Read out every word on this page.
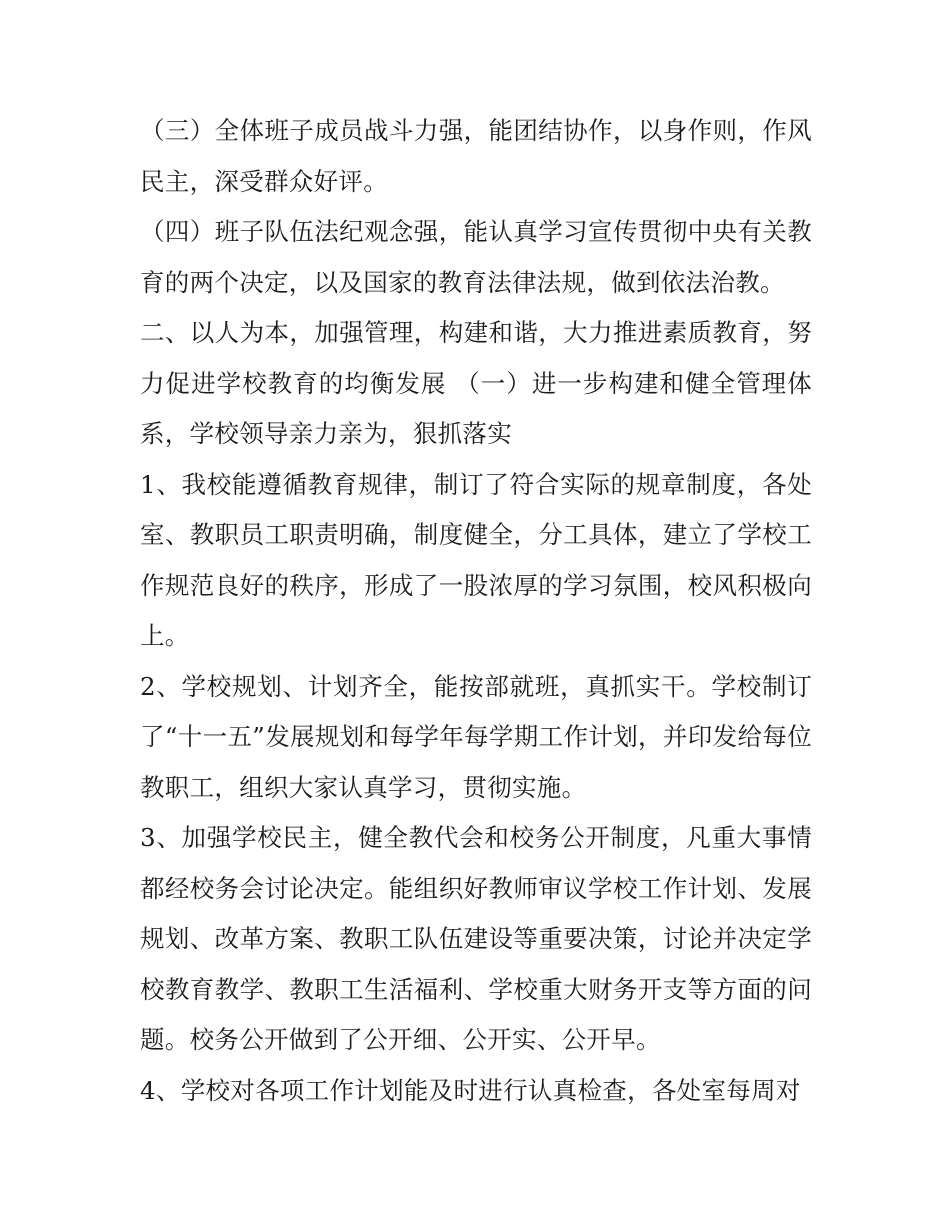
（三）全体班子成员战斗力强，能团结协作，以身作则，作风民主，深受群众好评。

（四）班子队伍法纪观念强，能认真学习宣传贯彻中央有关教育的两个决定，以及国家的教育法律法规，做到依法治教。

二、以人为本，加强管理，构建和谐，大力推进素质教育，努力促进学校教育的均衡发展 （一）进一步构建和健全管理体系，学校领导亲力亲为，狠抓落实

1、我校能遵循教育规律，制订了符合实际的规章制度，各处室、教职员工职责明确，制度健全，分工具体，建立了学校工作规范良好的秩序，形成了一股浓厚的学习氛围，校风积极向上。

2、学校规划、计划齐全，能按部就班，真抓实干。学校制订了“十一五”发展规划和每学年每学期工作计划，并印发给每位教职工，组织大家认真学习，贯彻实施。

3、加强学校民主，健全教代会和校务公开制度，凡重大事情都经校务会讨论决定。能组织好教师审议学校工作计划、发展规划、改革方案、教职工队伍建设等重要决策，讨论并决定学校教育教学、教职工生活福利、学校重大财务开支等方面的问题。校务公开做到了公开细、公开实、公开早。

4、学校对各项工作计划能及时进行认真检查，各处室每周对
